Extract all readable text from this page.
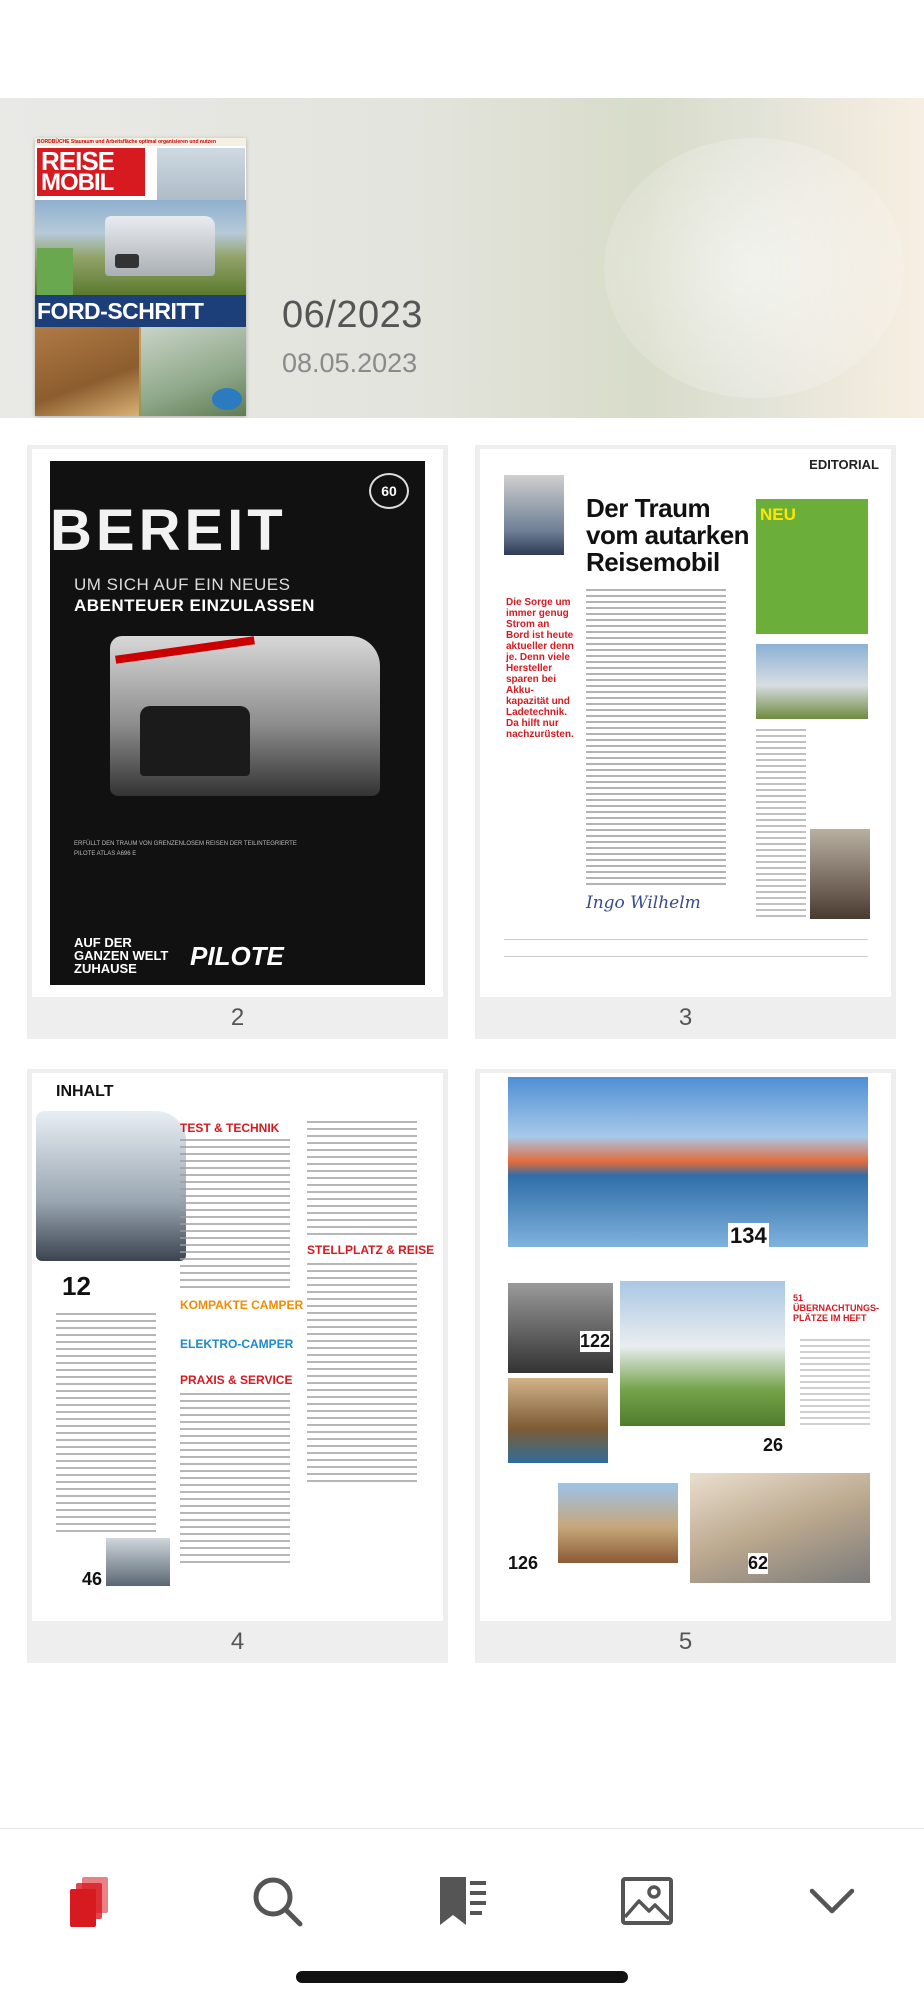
BORDBÜCHE Stauraum und Arbeitsfläche optimal organisieren und nutzen
REISE
MOBIL
FORD-SCHRITT 06/2023
08.05.2023
60
BEREIT
UM SICH AUF EIN NEUES
ABENTEUER EINZULASSEN
ERFÜLLT DEN TRAUM VON GRENZENLOSEM REISEN DER TEILINTEGRIERTE PILOTE ATLAS A696 E
AUF DER GANZEN WELT ZUHAUSE	PILOTE
2
EDITORIAL
Der Traum vom autarken Reisemobil
Die Sorge um immer genug Strom an Bord ist heute aktueller denn je. Denn viele Hersteller sparen bei Akku-kapazität und Ladetechnik. Da hilft nur nachzurüsten.
NEU
Ingo Wilhelm
3
INHALT
12
TEST & TECHNIK
KOMPAKTE CAMPER
ELEKTRO-CAMPER
PRAXIS & SERVICE
STELLPLATZ & REISE
46
4
134
122
26
51 ÜBERNACHTUNGS-PLÄTZE IM HEFT
126	62
5
